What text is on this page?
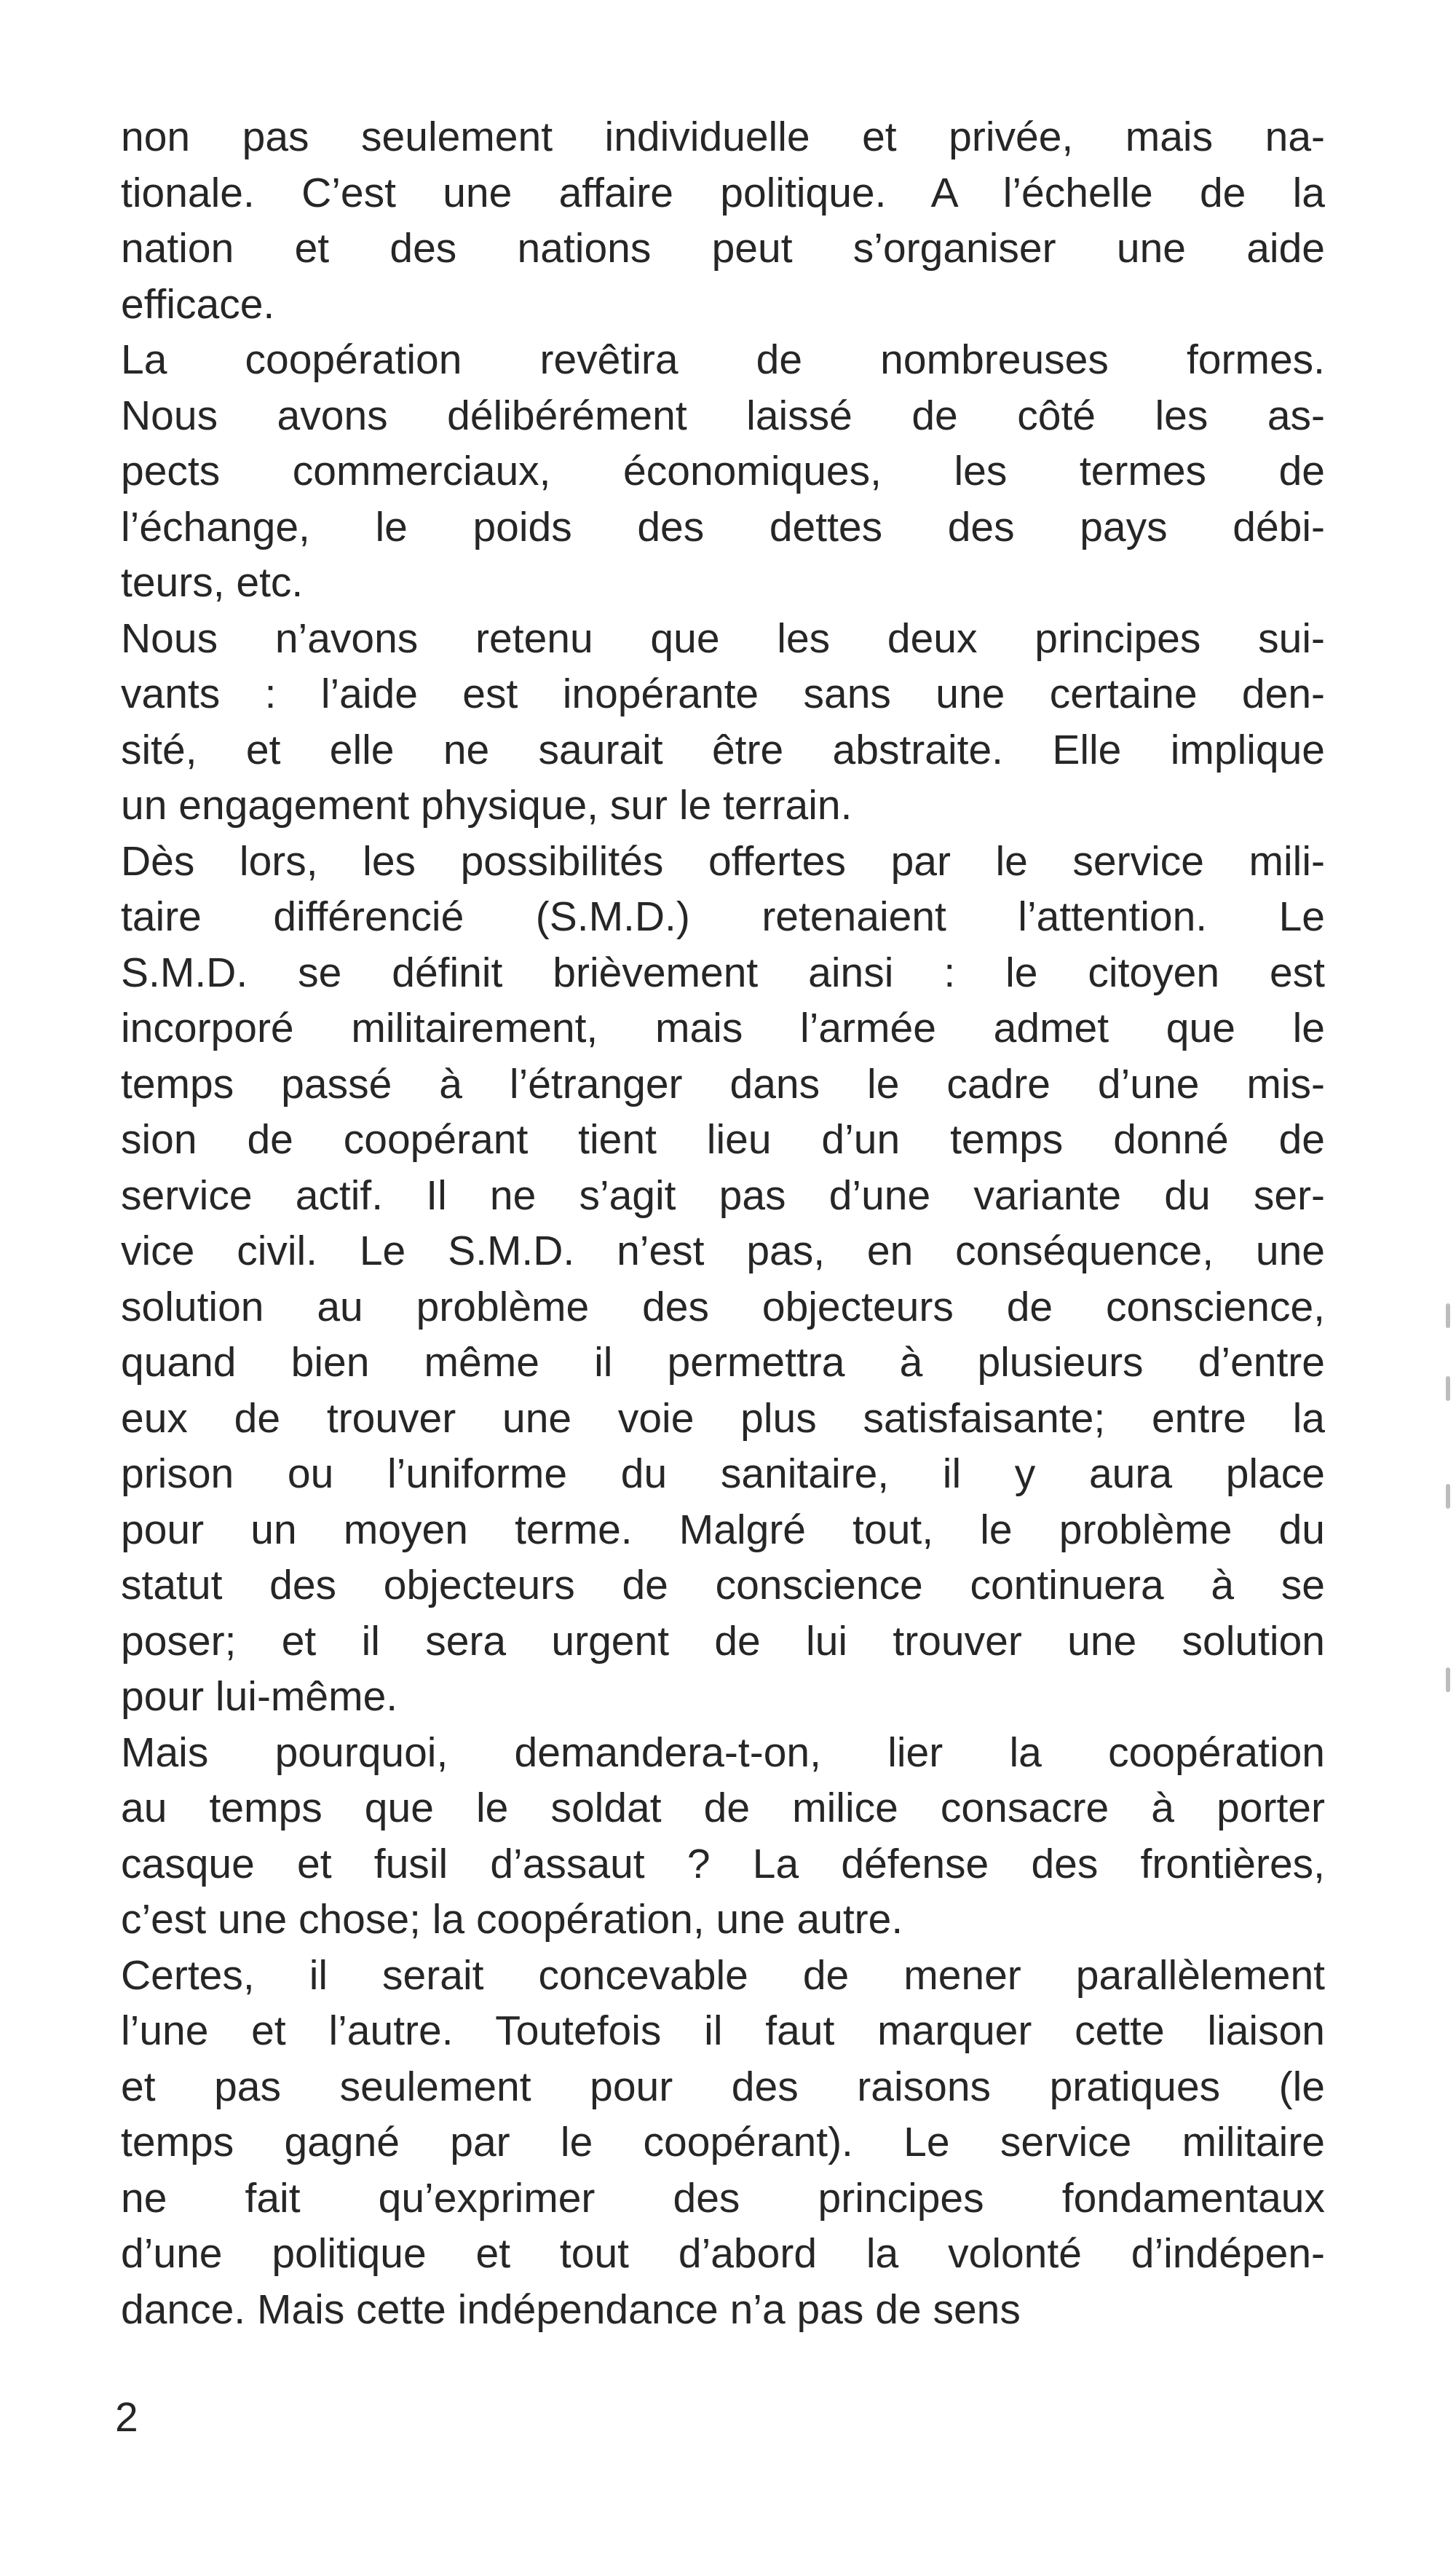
non pas seulement individuelle et privée, mais na-
tionale. C’est une affaire politique. A l’échelle de la
nation et des nations peut s’organiser une aide
efficace.
La coopération revêtira de nombreuses formes.
Nous avons délibérément laissé de côté les as-
pects commerciaux, économiques, les termes de
l’échange, le poids des dettes des pays débi-
teurs, etc.
Nous n’avons retenu que les deux principes sui-
vants : l’aide est inopérante sans une certaine den-
sité, et elle ne saurait être abstraite. Elle implique
un engagement physique, sur le terrain.
Dès lors, les possibilités offertes par le service mili-
taire différencié (S.M.D.) retenaient l’attention. Le
S.M.D. se définit brièvement ainsi : le citoyen est
incorporé militairement, mais l’armée admet que le
temps passé à l’étranger dans le cadre d’une mis-
sion de coopérant tient lieu d’un temps donné de
service actif. Il ne s’agit pas d’une variante du ser-
vice civil. Le S.M.D. n’est pas, en conséquence, une
solution au problème des objecteurs de conscience,
quand bien même il permettra à plusieurs d’entre
eux de trouver une voie plus satisfaisante; entre la
prison ou l’uniforme du sanitaire, il y aura place
pour un moyen terme. Malgré tout, le problème du
statut des objecteurs de conscience continuera à se
poser; et il sera urgent de lui trouver une solution
pour lui-même.
Mais pourquoi, demandera-t-on, lier la coopération
au temps que le soldat de milice consacre à porter
casque et fusil d’assaut ? La défense des frontières,
c’est une chose; la coopération, une autre.
Certes, il serait concevable de mener parallèlement
l’une et l’autre. Toutefois il faut marquer cette liaison
et pas seulement pour des raisons pratiques (le
temps gagné par le coopérant). Le service militaire
ne fait qu’exprimer des principes fondamentaux
d’une politique et tout d’abord la volonté d’indépen-
dance. Mais cette indépendance n’a pas de sens
2
